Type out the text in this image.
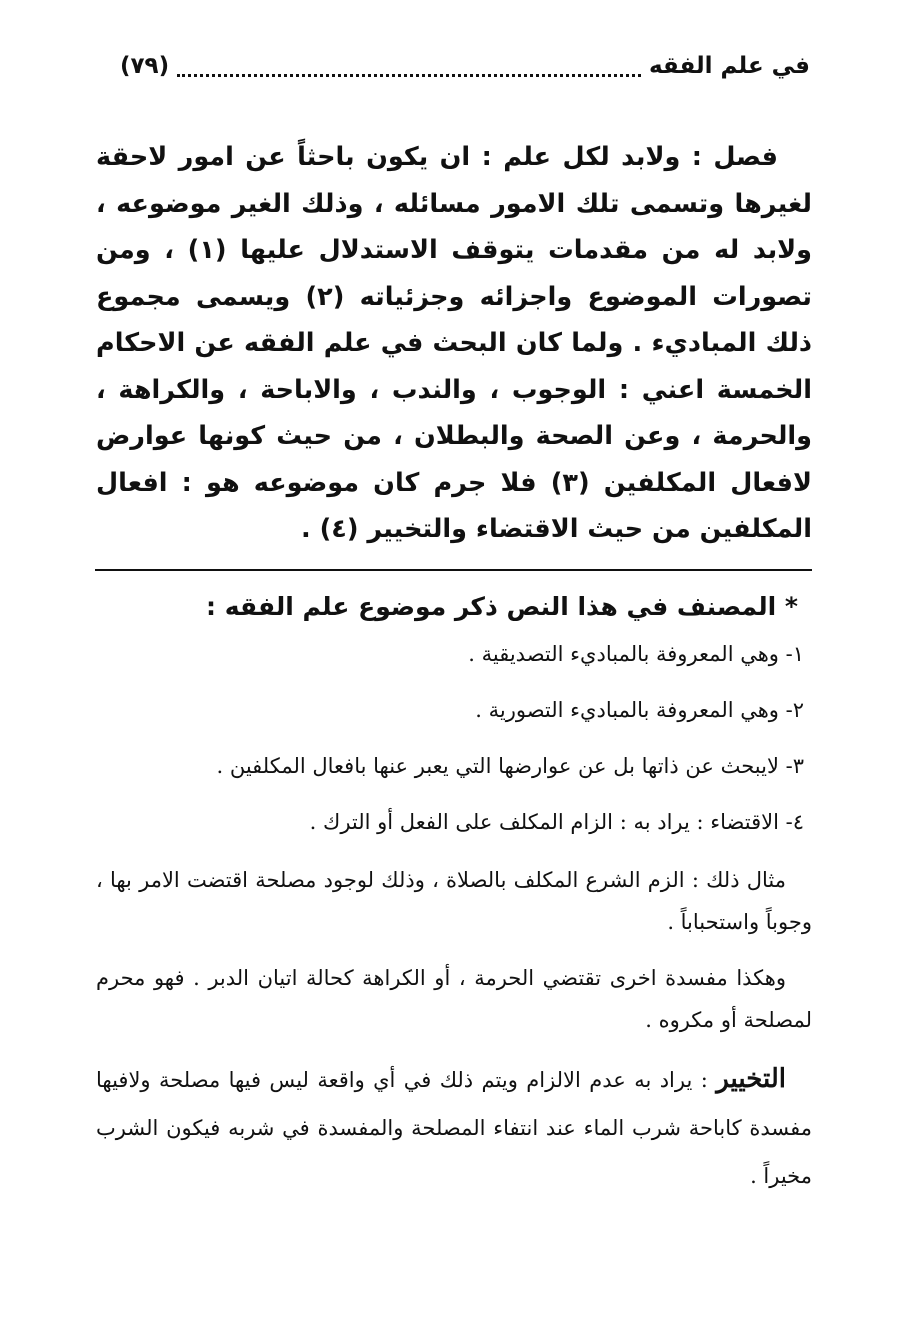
في علم الفقه
(٧٩)

فصل : ولابد لكل علم : ان يكون باحثاً عن امور لاحقة لغيرها وتسمى تلك الامور مسائله ، وذلك الغير موضوعه ، ولابد له من مقدمات يتوقف الاستدلال عليها (١) ، ومن تصورات الموضوع واجزائه وجزئياته (٢) ويسمى مجموع ذلك المباديء . ولما كان البحث في علم الفقه عن الاحكام الخمسة اعني : الوجوب ، والندب ، والاباحة ، والكراهة ، والحرمة ، وعن الصحة والبطلان ، من حيث كونها عوارض لافعال المكلفين (٣) فلا جرم كان موضوعه هو : افعال المكلفين من حيث الاقتضاء والتخيير (٤) .

* المصنف في هذا النص ذكر موضوع علم الفقه :

١- وهي المعروفة بالمباديء التصديقية .

٢- وهي المعروفة بالمباديء التصورية .

٣- لايبحث عن ذاتها بل عن عوارضها التي يعبر عنها بافعال المكلفين .

٤- الاقتضاء : يراد به : الزام المكلف على الفعل أو الترك .

مثال ذلك : الزم الشرع المكلف بالصلاة ، وذلك لوجود مصلحة اقتضت الامر بها ، وجوباً واستحباباً .

وهكذا مفسدة اخرى تقتضي الحرمة ، أو الكراهة كحالة اتيان الدبر . فهو محرم لمصلحة أو مكروه .

التخيير : يراد به عدم الالزام ويتم ذلك في أي واقعة ليس فيها مصلحة ولافيها مفسدة كاباحة شرب الماء عند انتفاء المصلحة والمفسدة في شربه فيكون الشرب مخيراً .
